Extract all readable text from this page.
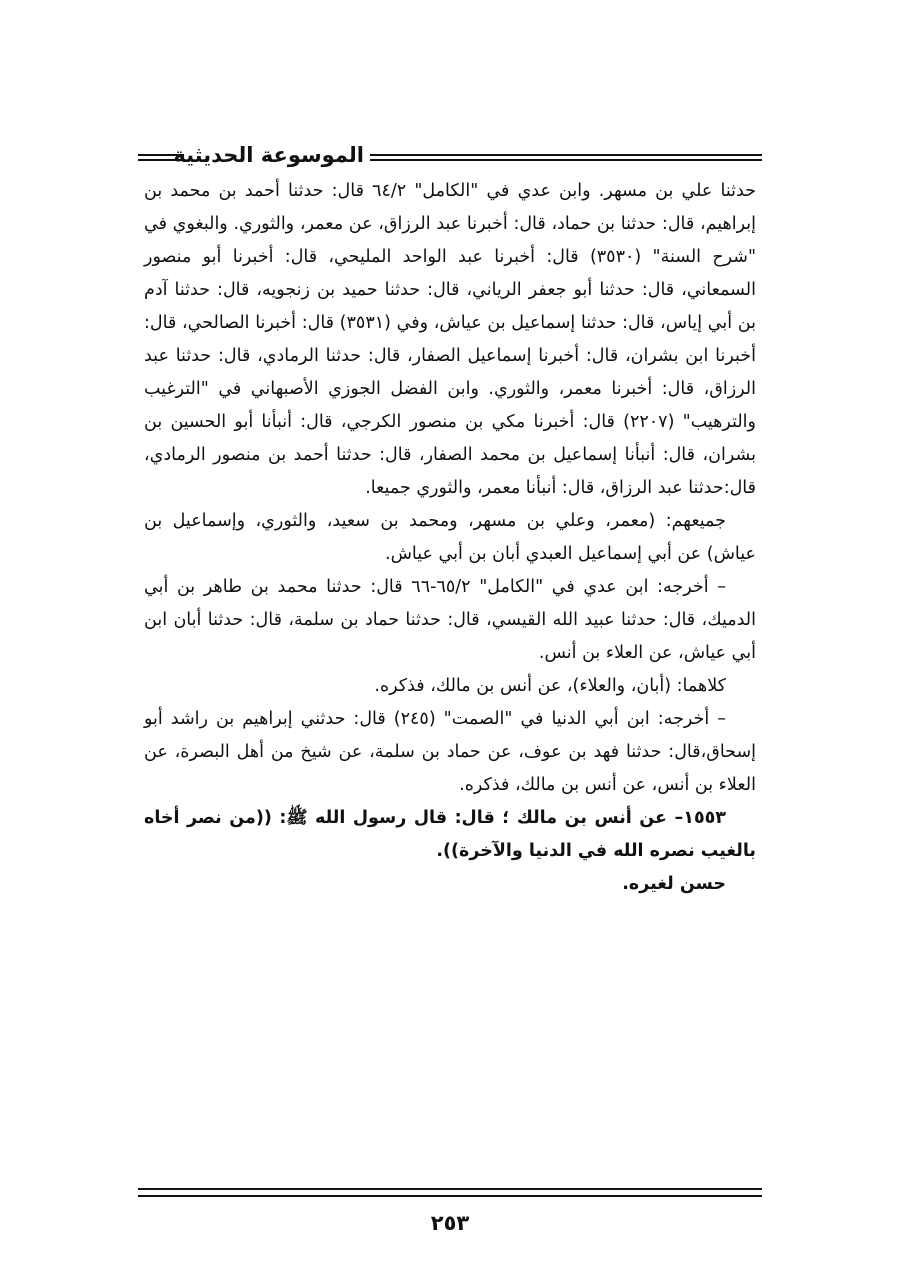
الموسوعة الحديثية

حدثنا علي بن مسهر. وابن عدي في "الكامل" ٦٤/٢ قال: حدثنا أحمد بن محمد بن إبراهيم، قال: حدثنا بن حماد، قال: أخبرنا عبد الرزاق، عن معمر، والثوري. والبغوي في "شرح السنة" (٣٥٣٠) قال: أخبرنا عبد الواحد المليحي، قال: أخبرنا أبو منصور السمعاني، قال: حدثنا أبو جعفر الرياني، قال: حدثنا حميد بن زنجويه، قال: حدثنا آدم بن أبي إياس، قال: حدثنا إسماعيل بن عياش، وفي (٣٥٣١) قال: أخبرنا الصالحي، قال: أخبرنا ابن بشران، قال: أخبرنا إسماعيل الصفار، قال: حدثنا الرمادي، قال: حدثنا عبد الرزاق، قال: أخبرنا معمر، والثوري. وابن الفضل الجوزي الأصبهاني في "الترغيب والترهيب" (٢٢٠٧) قال: أخبرنا مكي بن منصور الكرجي، قال: أنبأنا أبو الحسين بن بشران، قال: أنبأنا إسماعيل بن محمد الصفار، قال: حدثنا أحمد بن منصور الرمادي، قال:حدثنا عبد الرزاق، قال: أنبأنا معمر، والثوري جميعا.

جميعهم: (معمر، وعلي بن مسهر، ومحمد بن سعيد، والثوري، وإسماعيل بن عياش) عن أبي إسماعيل العبدي أبان بن أبي عياش.

– أخرجه: ابن عدي في "الكامل" ٦٥/٢-٦٦ قال: حدثنا محمد بن طاهر بن أبي الدميك، قال: حدثنا عبيد الله القيسي، قال: حدثنا حماد بن سلمة، قال: حدثنا أبان ابن أبي عياش، عن العلاء بن أنس.

كلاهما: (أبان، والعلاء)، عن أنس بن مالك، فذكره.

– أخرجه: ابن أبي الدنيا في "الصمت" (٢٤٥) قال: حدثني إبراهيم بن راشد أبو إسحاق،قال: حدثنا فهد بن عوف، عن حماد بن سلمة، عن شيخ من أهل البصرة، عن العلاء بن أنس، عن أنس بن مالك، فذكره.

١٥٥٣– عن أنس بن مالك ؛ قال: قال رسول الله ﷺ: ((من نصر أخاه بالغيب نصره الله في الدنيا والآخرة)).

حسن لغيره.

٢٥٣
